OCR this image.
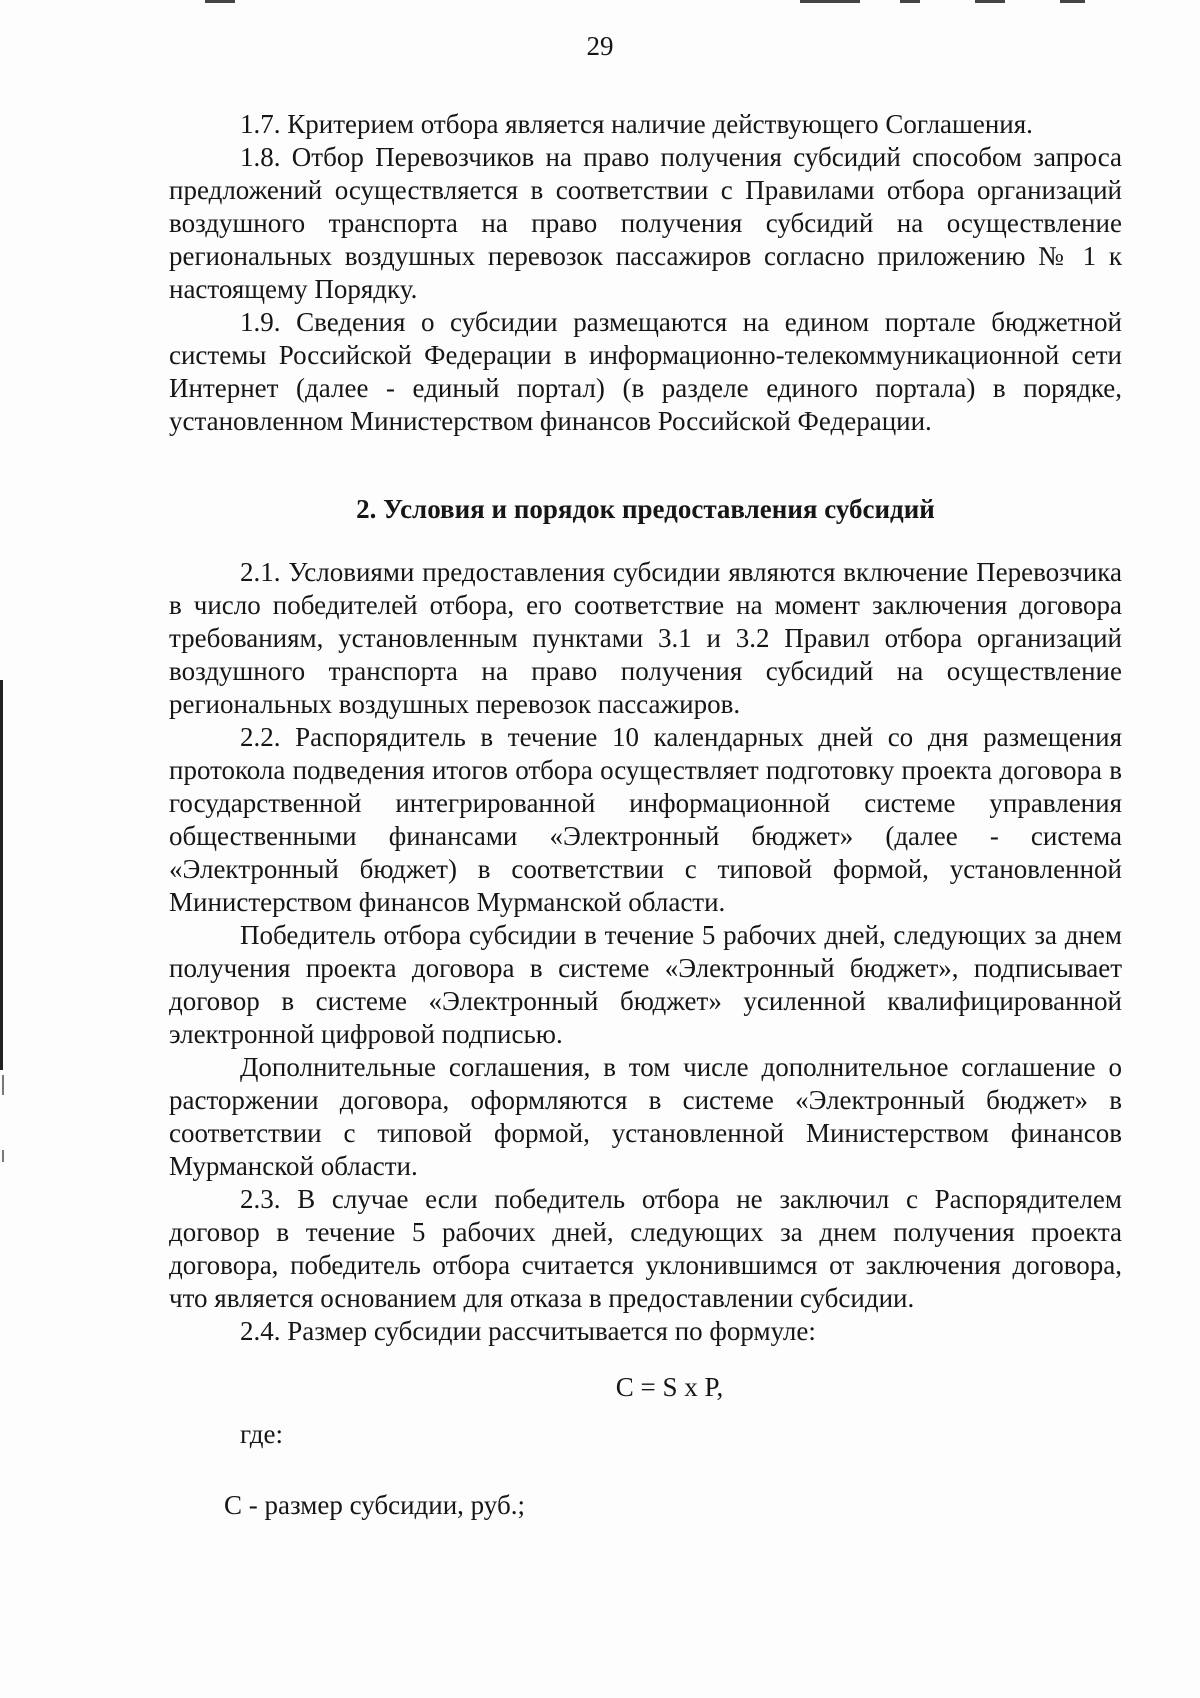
29

1.7. Критерием отбора является наличие действующего Соглашения.

1.8. Отбор Перевозчиков на право получения субсидий способом запроса предложений осуществляется в соответствии с Правилами отбора организаций воздушного транспорта на право получения субсидий на осуществление региональных воздушных перевозок пассажиров согласно приложению № 1 к настоящему Порядку.

1.9. Сведения о субсидии размещаются на едином портале бюджетной системы Российской Федерации в информационно-телекоммуникационной сети Интернет (далее - единый портал) (в разделе единого портала) в порядке, установленном Министерством финансов Российской Федерации.

2. Условия и порядок предоставления субсидий

2.1. Условиями предоставления субсидии являются включение Перевозчика в число победителей отбора, его соответствие на момент заключения договора требованиям, установленным пунктами 3.1 и 3.2 Правил отбора организаций воздушного транспорта на право получения субсидий на осуществление региональных воздушных перевозок пассажиров.

2.2. Распорядитель в течение 10 календарных дней со дня размещения протокола подведения итогов отбора осуществляет подготовку проекта договора в государственной интегрированной информационной системе управления общественными финансами «Электронный бюджет» (далее - система «Электронный бюджет) в соответствии с типовой формой, установленной Министерством финансов Мурманской области.

Победитель отбора субсидии в течение 5 рабочих дней, следующих за днем получения проекта договора в системе «Электронный бюджет», подписывает договор в системе «Электронный бюджет» усиленной квалифицированной электронной цифровой подписью.

Дополнительные соглашения, в том числе дополнительное соглашение о расторжении договора, оформляются в системе «Электронный бюджет» в соответствии с типовой формой, установленной Министерством финансов Мурманской области.

2.3. В случае если победитель отбора не заключил с Распорядителем договор в течение 5 рабочих дней, следующих за днем получения проекта договора, победитель отбора считается уклонившимся от заключения договора, что является основанием для отказа в предоставлении субсидии.

2.4. Размер субсидии рассчитывается по формуле:

C = S x P,
где:
C - размер субсидии, руб.;
